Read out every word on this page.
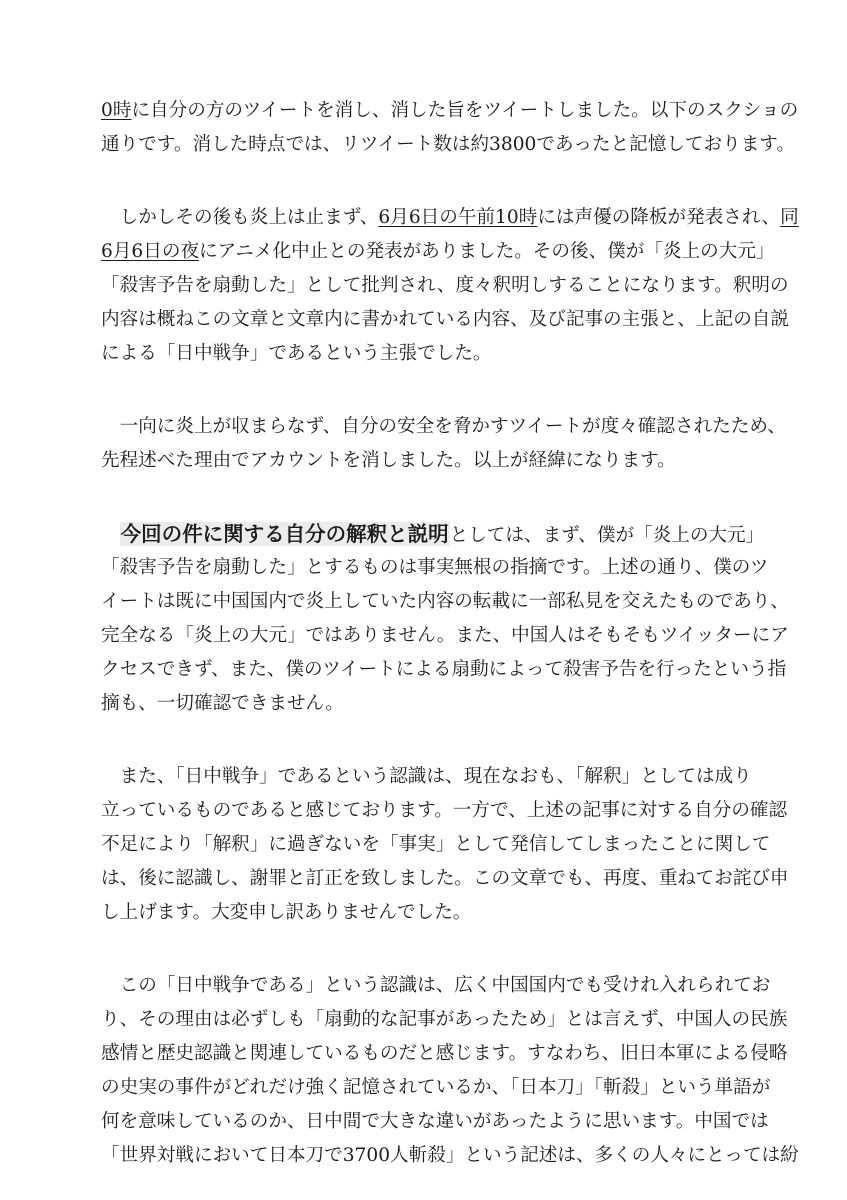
0時に自分の方のツイートを消し、消した旨をツイートしました。以下のスクショの
通りです。消した時点では、リツイート数は約3800であったと記憶しております。
　しかしその後も炎上は止まず、6月6日の午前10時には声優の降板が発表され、同
6月6日の夜にアニメ化中止との発表がありました。その後、僕が「炎上の大元」
「殺害予告を扇動した」として批判され、度々釈明しすることになります。釈明の
内容は概ねこの文章と文章内に書かれている内容、及び記事の主張と、上記の自説
による「日中戦争」であるという主張でした。
　一向に炎上が収まらなず、自分の安全を脅かすツイートが度々確認されたため、
先程述べた理由でアカウントを消しました。以上が経緯になります。
　今回の件に関する自分の解釈と説明としては、まず、僕が「炎上の大元」
「殺害予告を扇動した」とするものは事実無根の指摘です。上述の通り、僕のツ
イートは既に中国国内で炎上していた内容の転載に一部私見を交えたものであり、
完全なる「炎上の大元」ではありません。また、中国人はそもそもツイッターにア
クセスできず、また、僕のツイートによる扇動によって殺害予告を行ったという指
摘も、一切確認できません。
　また、「日中戦争」であるという認識は、現在なおも、「解釈」としては成り
立っているものであると感じております。一方で、上述の記事に対する自分の確認
不足により「解釈」に過ぎないを「事実」として発信してしまったことに関して
は、後に認識し、謝罪と訂正を致しました。この文章でも、再度、重ねてお詫び申
し上げます。大変申し訳ありませんでした。
　この「日中戦争である」という認識は、広く中国国内でも受けれ入れられてお
り、その理由は必ずしも「扇動的な記事があったため」とは言えず、中国人の民族
感情と歴史認識と関連しているものだと感じます。すなわち、旧日本軍による侵略
の史実の事件がどれだけ強く記憶されているか、「日本刀」「斬殺」という単語が
何を意味しているのか、日中間で大きな違いがあったように思います。中国では
「世界対戦において日本刀で3700人斬殺」という記述は、多くの人々にとっては紛
